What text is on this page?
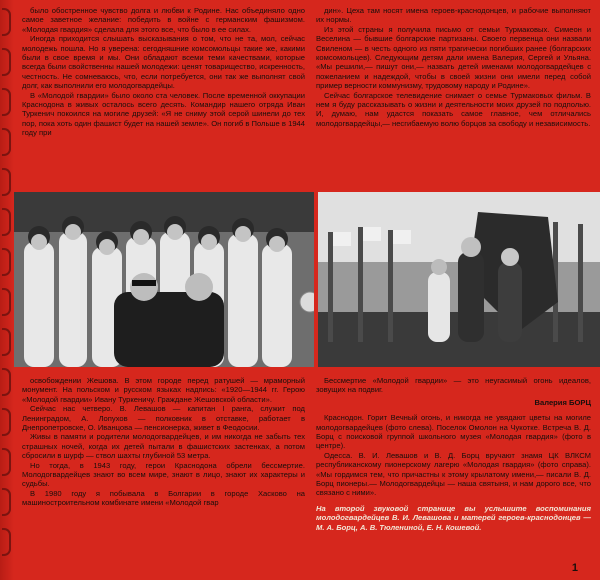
было обостренное чувство долга и любви к Родине. Нас объединяло одно самое заветное желание: победить в войне с германским фашизмом. «Молодая гвардия» сделала для этого все, что было в ее силах.

Иногда приходится слышать высказывания о том, что не та, мол, сейчас молодежь пошла. Но я уверена: сегодняшние комсомольцы такие же, какими были в свое время и мы. Они обладают всеми теми качествами, которые всегда были свойственны нашей молодежи: ценят товарищество, искренность, честность. Не сомневаюсь, что, если потребуется, они так же выполнят свой долг, как выполнили его молодогвардейцы.

В «Молодой гвардии» было около ста человек. После временной оккупации Краснодона в живых осталось всего десять. Командир нашего отряда Иван Туркенич покоился на могиле друзей: «Я не сниму этой серой шинели до тех пор, пока хоть один фашист будет на нашей земле». Он погиб в Польше в 1944 году при

дин». Цеха там носят имена героев-краснодонцев, и рабочие выполняют их нормы.

Из этой страны я получила письмо от семьи Турмаковых. Симеон и Веселина — бывшие болгарские партизаны. Своего первенца они назвали Свиленом — в честь одного из пяти трагически погибших ранее (болгарских комсомольцев). Следующим детям дали имена Валерия, Сергей и Ульяна. «Мы решили,— пишут они,— назвать детей именами молодогвардейцев с пожеланием и надеждой, чтобы в своей жизни они имели перед собой пример верности коммунизму, трудовому народу и Родине».

Сейчас болгарское телевидение снимает о семье Турмаковых фильм. В нем я буду рассказывать о жизни и деятельности моих друзей по подполью. И, думаю, нам удастся показать самое главное, чем отличались молодогвардейцы,— несгибаемую волю борцов за свободу и независимость.

освобождении Жешова. В этом городе перед ратушей — мраморный монумент. На польском и русском языках надпись: «1920—1944 гг. Герою «Молодой гвардии» Ивану Туркеничу. Граждане Жешовской области».

Сейчас нас четверо. В. Левашов — капитан I ранга, служит под Ленинградом, А. Лопухов — полковник в отставке, работает в Днепропетровске, О. Иванцова — пенсионерка, живет в Феодосии.

Живы в памяти и родители молодогвардейцев, и им никогда не забыть тех страшных ночей, когда их детей пытали в фашистских застенках, а потом сбросили в шурф — ствол шахты глубиной 53 метра.

Но тогда, в 1943 году, герои Краснодона обрели бессмертие. Молодогвардейцев знают во всем мире, знают в лицо, знают их характеры и судьбы.

В 1980 году я побывала в Болгарии в городе Хасково на машиностроительном комбинате имени «Молодой гвар

Бессмертие «Молодой гвардии» — это неугасимый огонь идеалов, зовущих на подвиг.

Валерия БОРЦ

Краснодон. Горит Вечный огонь, и никогда не увядают цветы на могиле молодогвардейцев (фото слева). Поселок Омолон на Чукотке. Встреча В. Д. Борц с поисковой группой школьного музея «Молодая гвардия» (фото в центре).

Одесса. В. И. Левашов и В. Д. Борц вручают знамя ЦК ВЛКСМ республиканскому пионерскому лагерю «Молодая гвардия» (фото справа). «Мы гордимся тем, что причастны к этому крылатому имени,— писали В. Д. Борц пионеры.— Молодогвардейцы — наша святыня, и нам дорого все, что связано с ними».

На второй звуковой странице вы услышите воспоминания молодогвардейцев В. И. Левашова и матерей героев-краснодонцев — М. А. Борц, А. В. Тюлениной, Е. Н. Кошевой.
1
